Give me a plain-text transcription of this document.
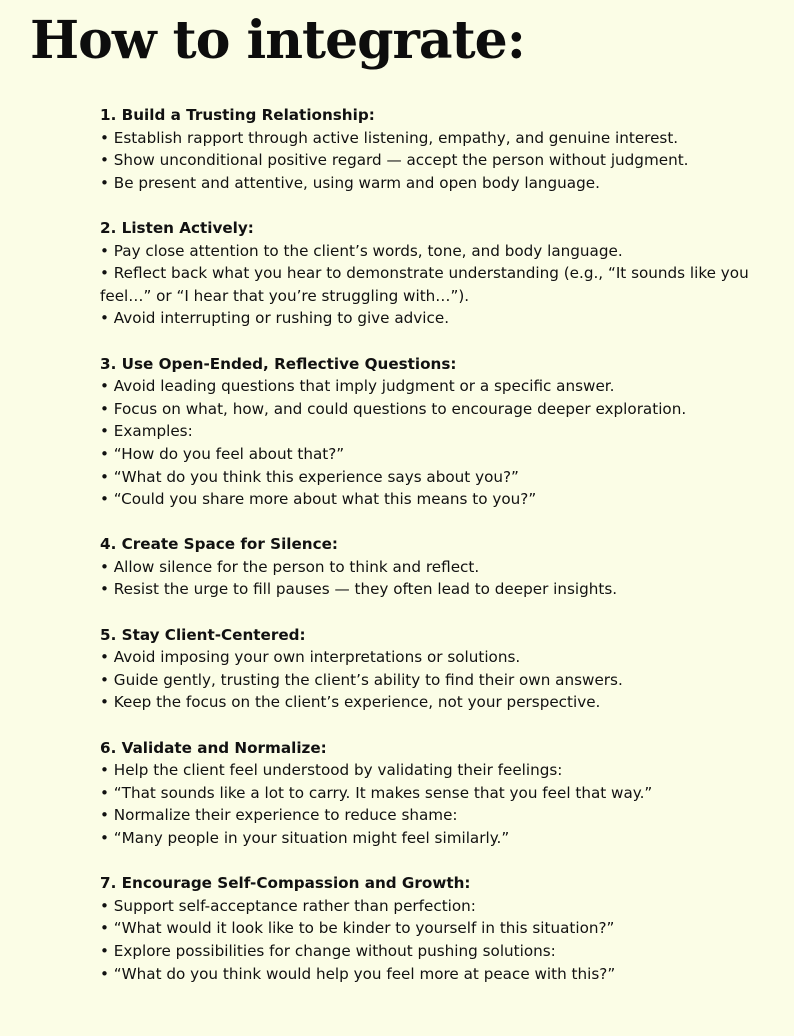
How to integrate:

1 . Build a Trusting Relationship:

• Establish rapport through active listening, empathy, and genuine interest.

• Show unconditional positive regard — accept the person without judgment.

• Be present and attentive, using warm and open body language.

2 . Listen Actively:

• Pay close attention to the client’s words, tone, and body language.

• Reflect back what you hear to demonstrate understanding (e.g., “It sounds like you feel…” or “I hear that you’re struggling with…”).

• Avoid interrupting or rushing to give advice.

3 . Use Open-Ended, Reflective Questions:

• Avoid leading questions that imply judgment or a specific answer.

• Focus on what, how, and could questions to encourage deeper exploration.

• Examples:

• “How do you feel about that?”

• “What do you think this experience says about you?”

• “Could you share more about what this means to you?”

4 . Create Space for Silence:

• Allow silence for the person to think and reflect.

• Resist the urge to fill pauses — they often lead to deeper insights.

5 . Stay Client-Centered:

• Avoid imposing your own interpretations or solutions.

• Guide gently, trusting the client’s ability to find their own answers.

• Keep the focus on the client’s experience, not your perspective.

6 . Validate and Normalize:

• Help the client feel understood by validating their feelings:

• “That sounds like a lot to carry. It makes sense that you feel that way.”

• Normalize their experience to reduce shame:

• “Many people in your situation might feel similarly.”

7 . Encourage Self-Compassion and Growth:

• Support self-acceptance rather than perfection:

• “What would it look like to be kinder to yourself in this situation?”

• Explore possibilities for change without pushing solutions:

• “What do you think would help you feel more at peace with this?”
